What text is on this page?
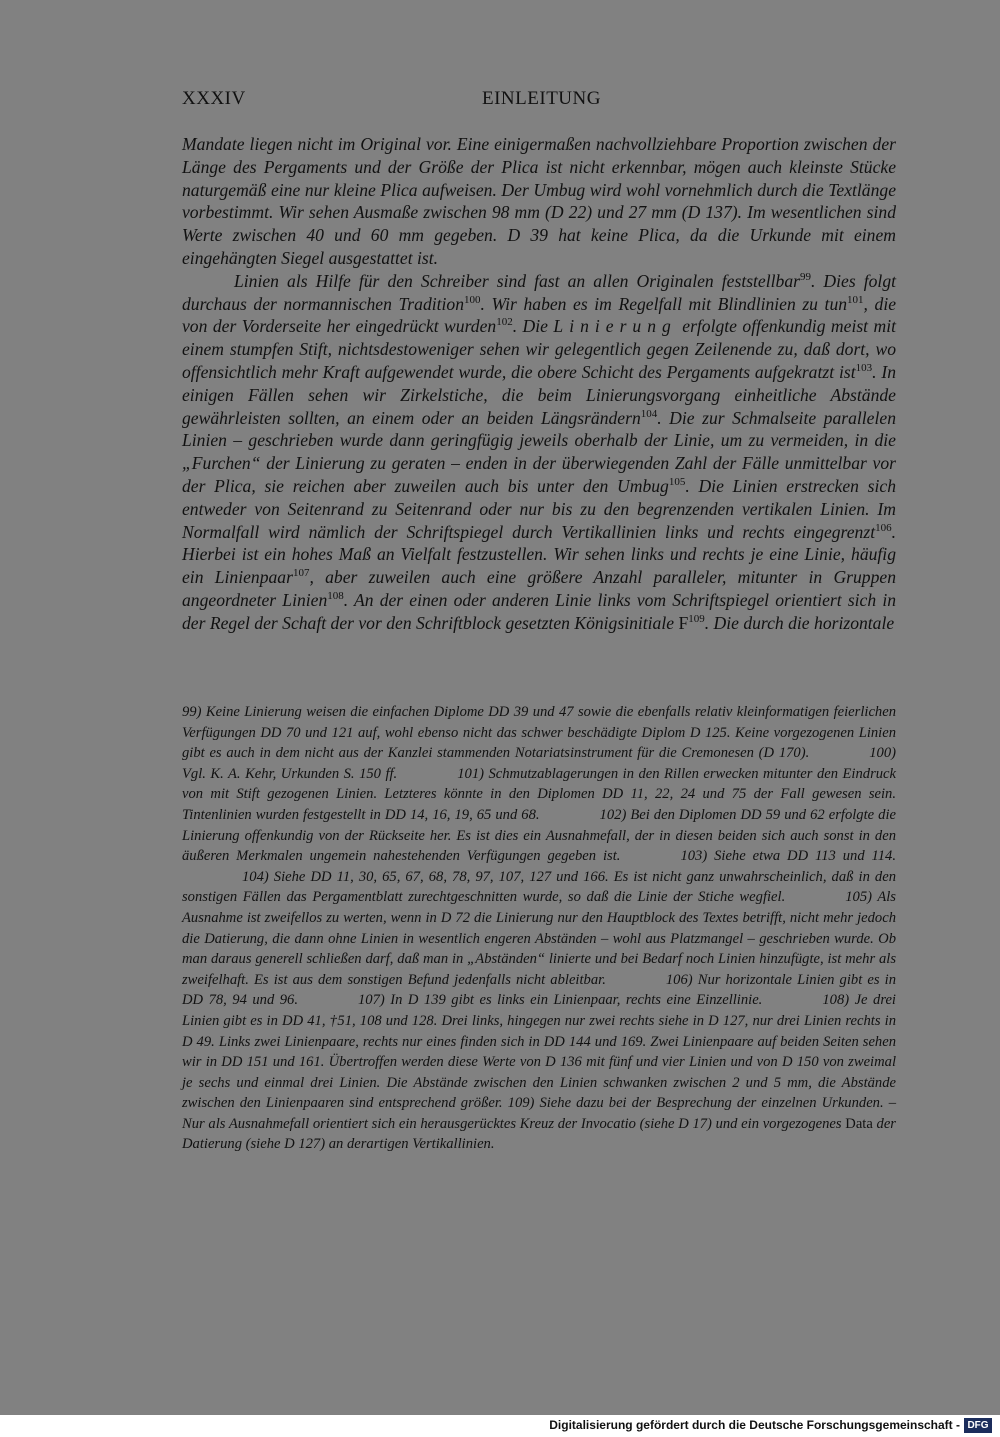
XXXIV	EINLEITUNG

Mandate liegen nicht im Original vor. Eine einigermaßen nachvollziehbare Proportion zwischen der Länge des Pergaments und der Größe der Plica ist nicht erkennbar, mögen auch kleinste Stücke naturgemäß eine nur kleine Plica aufweisen. Der Umbug wird wohl vornehmlich durch die Textlänge vorbestimmt. Wir sehen Ausmaße zwischen 98 mm (D 22) und 27 mm (D 137). Im wesentlichen sind Werte zwischen 40 und 60 mm gegeben. D 39 hat keine Plica, da die Urkunde mit einem eingehängten Siegel ausgestattet ist.

Linien als Hilfe für den Schreiber sind fast an allen Originalen feststellbar$^{99}$. Dies folgt durchaus der normannischen Tradition$^{100}$. Wir haben es im Regelfall mit Blindlinien zu tun$^{101}$, die von der Vorderseite her eingedrückt wurden$^{102}$. Die Linierung erfolgte offenkundig meist mit einem stumpfen Stift, nichtsdestoweniger sehen wir gelegentlich gegen Zeilenende zu, daß dort, wo offensichtlich mehr Kraft aufgewendet wurde, die obere Schicht des Pergaments aufgekratzt ist$^{103}$. In einigen Fällen sehen wir Zirkelstiche, die beim Linierungsvorgang einheitliche Abstände gewährleisten sollten, an einem oder an beiden Längsrändern$^{104}$. Die zur Schmalseite parallelen Linien – geschrieben wurde dann geringfügig jeweils oberhalb der Linie, um zu vermeiden, in die „Furchen“ der Linierung zu geraten – enden in der überwiegenden Zahl der Fälle unmittelbar vor der Plica, sie reichen aber zuweilen auch bis unter den Umbug$^{105}$. Die Linien erstrecken sich entweder von Seitenrand zu Seitenrand oder nur bis zu den begrenzenden vertikalen Linien. Im Normalfall wird nämlich der Schriftspiegel durch Vertikallinien links und rechts eingegrenzt$^{106}$. Hierbei ist ein hohes Maß an Vielfalt festzustellen. Wir sehen links und rechts je eine Linie, häufig ein Linienpaar$^{107}$, aber zuweilen auch eine größere Anzahl paralleler, mitunter in Gruppen angeordneter Linien$^{108}$. An der einen oder anderen Linie links vom Schriftspiegel orientiert sich in der Regel der Schaft der vor den Schriftblock gesetzten Königsinitiale $F^{109}$. Die durch die horizontale

99) Keine Linierung weisen die einfachen Diplome DD 39 und 47 sowie die ebenfalls relativ kleinformatigen feierlichen Verfügungen DD 70 und 121 auf, wohl ebenso nicht das schwer beschädigte Diplom D 125. Keine vorgezogenen Linien gibt es auch in dem nicht aus der Kanzlei stammenden Notariatsinstrument für die Cremonesen (D 170).	100) Vgl. K. A. Kehr, Urkunden S. 150 ff.	101) Schmutzablagerungen in den Rillen erwecken mitunter den Eindruck von mit Stift gezogenen Linien. Letzteres könnte in den Diplomen DD 11, 22, 24 und 75 der Fall gewesen sein. Tintenlinien wurden festgestellt in DD 14, 16, 19, 65 und 68.	102) Bei den Diplomen DD 59 und 62 erfolgte die Linierung offenkundig von der Rückseite her. Es ist dies ein Ausnahmefall, der in diesen beiden sich auch sonst in den äußeren Merkmalen ungemein nahestehenden Verfügungen gegeben ist.	103) Siehe etwa DD 113 und 114.104) Siehe DD 11, 30, 65, 67, 68, 78, 97, 107, 127 und 166. Es ist nicht ganz unwahrscheinlich, daß in den sonstigen Fällen das Pergamentblatt zurechtgeschnitten wurde, so daß die Linie der Stiche wegfiel.	105) Als Ausnahme ist zweifellos zu werten, wenn in D 72 die Linierung nur den Hauptblock des Textes betrifft, nicht mehr jedoch die Datierung, die dann ohne Linien in wesentlich engeren Abständen – wohl aus Platzmangel – geschrieben wurde. Ob man daraus generell schließen darf, daß man in „Abständen“ linierte und bei Bedarf noch Linien hinzufügte, ist mehr als zweifelhaft. Es ist aus dem sonstigen Befund jedenfalls nicht ableitbar.	106) Nur horizontale Linien gibt es in DD 78, 94 und 96.	107) In D 139 gibt es links ein Linienpaar, rechts eine Einzellinie.	108) Je drei Linien gibt es in DD 41, †51, 108 und 128. Drei links, hingegen nur zwei rechts siehe in D 127, nur drei Linien rechts in D 49. Links zwei Linienpaare, rechts nur eines finden sich in DD 144 und 169. Zwei Linienpaare auf beiden Seiten sehen wir in DD 151 und 161. Übertroffen werden diese Werte von D 136 mit fünf und vier Linien und von D 150 von zweimal je sechs und einmal drei Linien. Die Abstände zwischen den Linien schwanken zwischen 2 und 5 mm, die Abstände zwischen den Linienpaaren sind entsprechend größer. 109) Siehe dazu bei der Besprechung der einzelnen Urkunden. – Nur als Ausnahmefall orientiert sich ein herausgerücktes Kreuz der Invocatio (siehe D 17) und ein vorgezogenes Data der Datierung (siehe D 127) an derartigen Vertikallinien.

Digitalisierung gefördert durch die Deutsche Forschungsgemeinschaft - DFG
